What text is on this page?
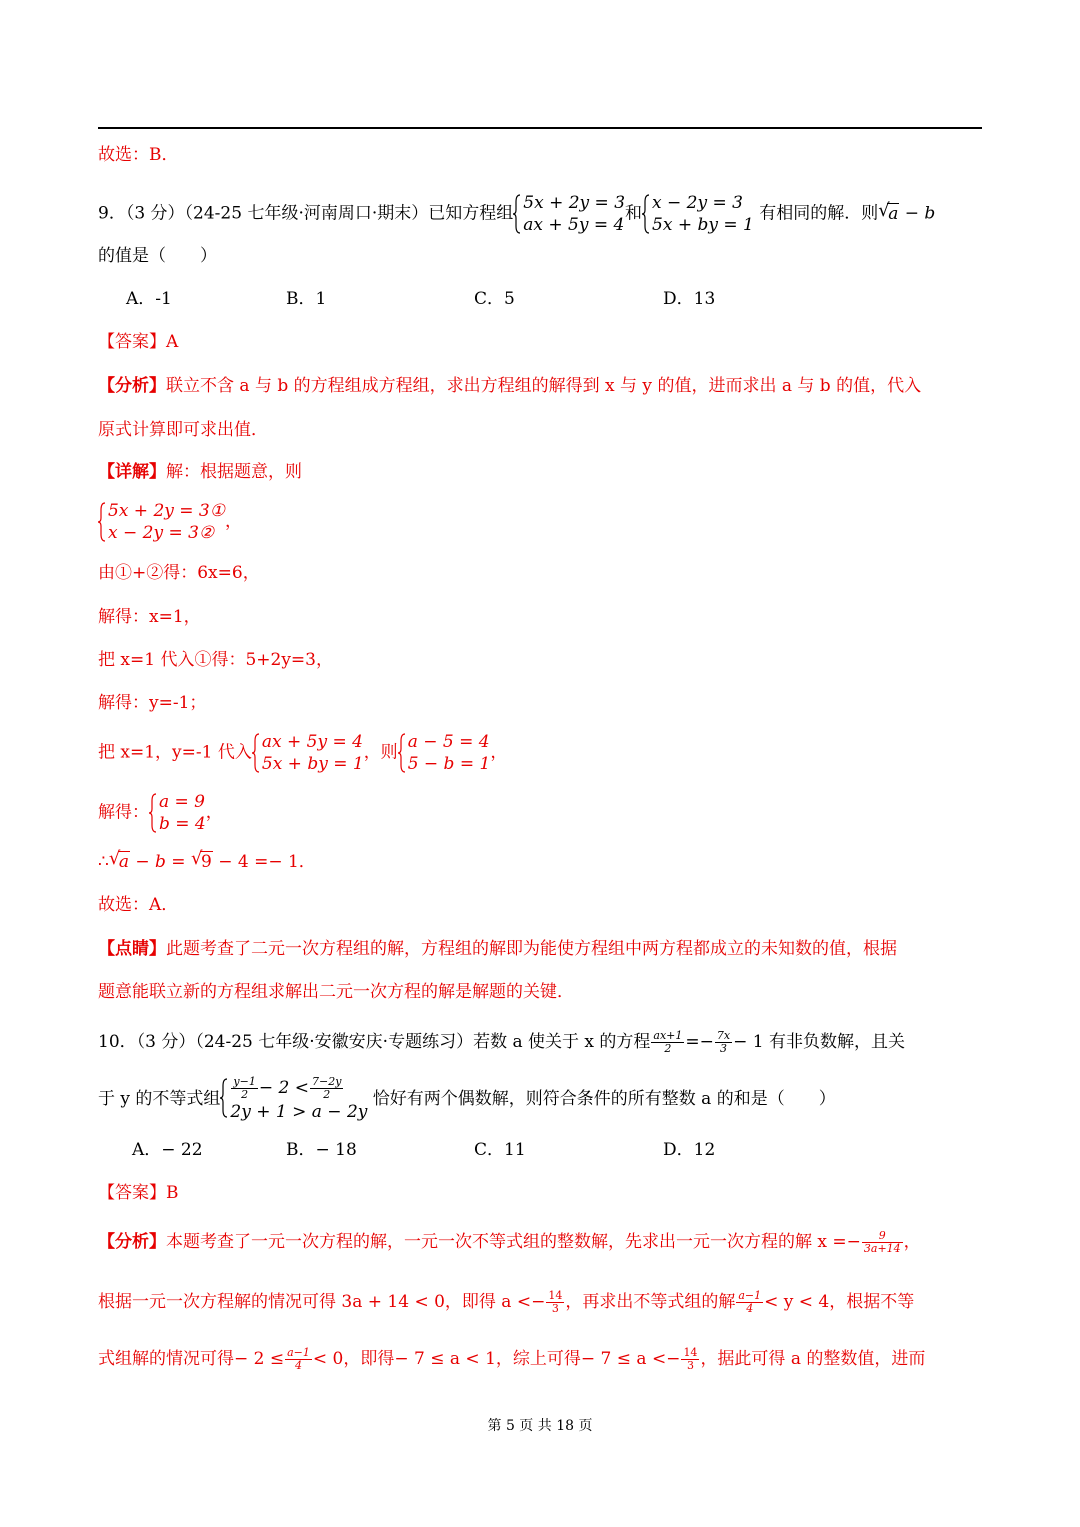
故选：B．
9．（3 分）（24-25 七年级·河南周口·期末）已知方程组
5x + 2y = 3
ax + 5y = 4
和
x − 2y = 3
5x + by = 1
有相同的解．则 √
a − b
的值是（　　）
A．-1	B．1	C．5	D．13
【答案】A
【分析】联立不含 a 与 b 的方程组成方程组，求出方程组的解得到 x 与 y 的值，进而求出 a 与 b 的值，代入
原式计算即可求出值．
【详解】解：根据题意，则
5x + 2y = 3①
x − 2y = 3②
，
由①+②得：6x=6，
解得：x=1，
把 x=1 代入①得：5+2y=3，
解得：y=-1；
把 x=1，y=-1 代入
ax + 5y = 4
5x + by = 1
，则
a − 5 = 4
5 − b = 1
，
解得：
a = 9
b = 4
，
∴ √
a − b = √
9 − 4 =− 1．
故选：A．
【点睛】此题考查了二元一次方程组的解，方程组的解即为能使方程组中两方程都成立的未知数的值，根据
题意能联立新的方程组求解出二元一次方程的解是解题的关键．
10．（3 分）（24-25 七年级·安徽安庆·专题练习）若数 a 使关于 x 的方程 $\frac{ax+1}{2} =- \frac{7x}{3} - 1$ 有非负数解，且关
于 y 的不等式组 $\frac{y-1}{2} - 2 < \frac{7-2y}{2}$
2y + 1 > a − 2y
恰好有两个偶数解，则符合条件的所有整数 a 的和是（　　）
A．− 22	B．− 18	C．11	D．12
【答案】B
【分析】本题考查了一元一次方程的解，一元一次不等式组的整数解，先求出一元一次方程的解 $x =- \frac{9}{3a+14}$ ，
根据一元一次方程解的情况可得 3a + 14 < 0，即得 $a <- \frac{14}{3}$ ，再求出不等式组的解 $\frac{a-1}{4} < y < 4$，根据不等
式组解的情况可得− $2 \le \frac{a-1}{4} < 0$，即得− 7 ≤ a < 1，综上可得− $7 \le a <- \frac{14}{3}$ ，据此可得 a 的整数值，进而
第 5 页 共 18 页
